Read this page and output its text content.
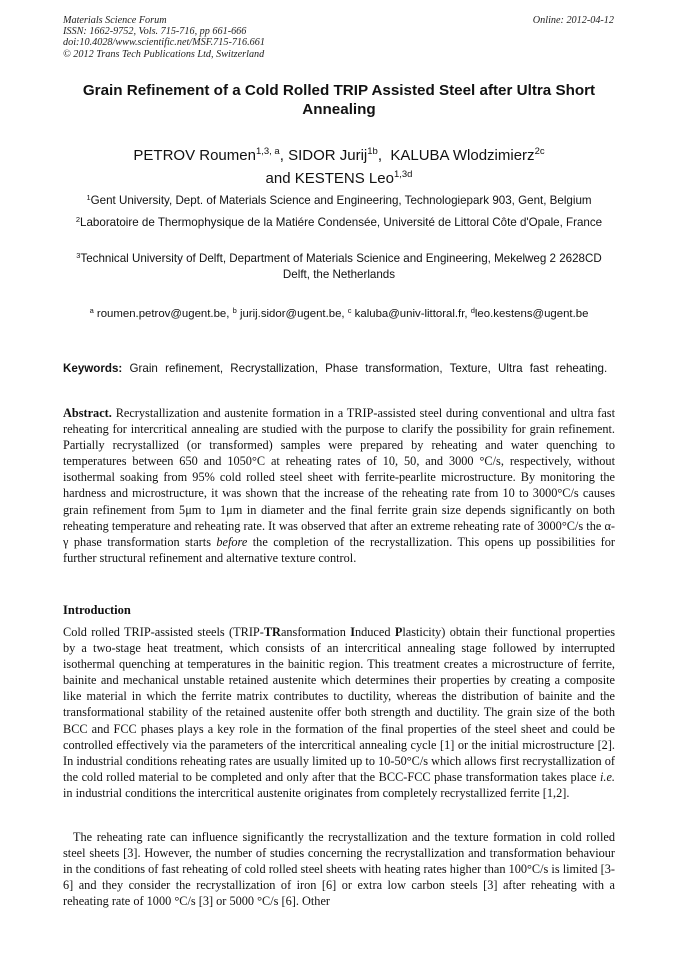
Materials Science Forum
ISSN: 1662-9752, Vols. 715-716, pp 661-666
doi:10.4028/www.scientific.net/MSF.715-716.661
© 2012 Trans Tech Publications Ltd, Switzerland
Online: 2012-04-12
Grain Refinement of a Cold Rolled TRIP Assisted Steel after Ultra Short Annealing
PETROV Roumen$^{1,3, a}$, SIDOR Jurij$^{1b}$,  KALUBA Wlodzimierz$^{2c}$
and KESTENS Leo$^{1,3d}$
$^1$Gent University, Dept. of Materials Science and Engineering, Technologiepark 903, Gent, Belgium
$^2$Laboratoire de Thermophysique de la Matiére Condensée, Université de Littoral Côte d'Opale, France
$^3$Technical University of Delft, Department of Materials Scienice and Engineering, Mekelweg 2 2628CD Delft, the Netherlands
$^a$ roumen.petrov@ugent.be, $^b$ jurij.sidor@ugent.be, $^c$ kaluba@univ-littoral.fr, $^d$leo.kestens@ugent.be
Keywords: Grain refinement, Recrystallization, Phase transformation, Texture, Ultra fast reheating.
Abstract. Recrystallization and austenite formation in a TRIP-assisted steel during conventional and ultra fast reheating for intercritical annealing are studied with the purpose to clarify the possibility for grain refinement. Partially recrystallized (or transformed) samples were prepared by reheating and water quenching to temperatures between 650 and 1050°C at reheating rates of 10, 50, and 3000 °C/s, respectively, without isothermal soaking from 95% cold rolled steel sheet with ferrite-pearlite microstructure. By monitoring the hardness and microstructure, it was shown that the increase of the reheating rate from 10 to 3000°C/s causes grain refinement from 5μm to 1μm in diameter and the final ferrite grain size depends significantly on both reheating temperature and reheating rate. It was observed that after an extreme reheating rate of 3000°C/s the α-γ phase transformation starts before the completion of the recrystallization. This opens up possibilities for further structural refinement and alternative texture control.
Introduction
Cold rolled TRIP-assisted steels (TRIP-TRansformation Induced Plasticity) obtain their functional properties by a two-stage heat treatment, which consists of an intercritical annealing stage followed by interrupted isothermal quenching at temperatures in the bainitic region. This treatment creates a microstructure of ferrite, bainite and mechanical unstable retained austenite which determines their properties by creating a composite like material in which the ferrite matrix contributes to ductility, whereas the distribution of bainite and the transformational stability of the retained austenite offer both strength and ductility. The grain size of the both BCC and FCC phases plays a key role in the formation of the final properties of the steel sheet and could be controlled effectively via the parameters of the intercritical annealing cycle [1] or the initial microstructure [2]. In industrial conditions reheating rates are usually limited up to 10-50°C/s which allows first recrystallization of the cold rolled material to be completed and only after that the BCC-FCC phase transformation takes place i.e. in industrial conditions the intercritical austenite originates from completely recrystallized ferrite [1,2].
The reheating rate can influence significantly the recrystallization and the texture formation in cold rolled steel sheets [3]. However, the number of studies concerning the recrystallization and transformation behaviour in the conditions of fast reheating of cold rolled steel sheets with heating rates higher than 100°C/s is limited [3-6] and they consider the recrystallization of iron [6] or extra low carbon steels [3] after reheating with a reheating rate of 1000 °C/s [3] or 5000 °C/s [6]. Other
